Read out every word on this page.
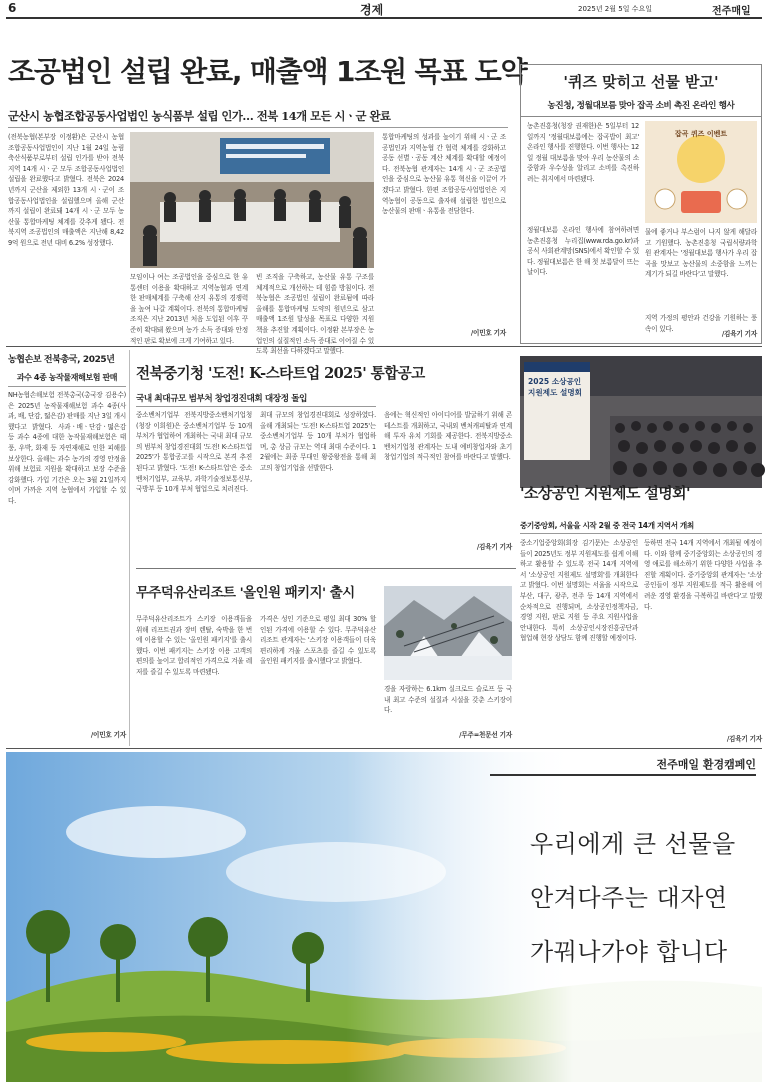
6	경제	2025년 2월 5일 수요일	전주매일
조공법인 설립 완료, 매출액 1조원 목표 도약
군산시 농협조합공동사업법인 농식품부 설립 인가… 전북 14개 모든 시ㆍ군 완료
(전북농협(본부장 이정환)은 군산시 농협조합공동사업법인이 지난 1월 24일 농림축산식품부로부터 설립 인가를 받아 전북지역 14개 시ㆍ군 모두 조합공동사업법인 설립을 완료했다고 밝혔다. 전북은 2024년까지 군산을 제외한 13개 시ㆍ군이 조합공동사업법인을 설립했으며 올해 군산까지 설립이 완료돼 14개 시ㆍ군 모두 농산물 통합마케팅 체계를 갖추게 됐다. 전북지역 조공법인의 매출액은 지난해 8,429억 원으로 전년 대비 6.2% 성장했다.
모임이나 여는 조공법인을 중심으로 한 유통센터 이용을 확대하고 지역농협과 연계한 판매체계를 구축해 산지 유통의 경쟁력을 높여 나갈 계획이다. 전북의 통합마케팅 조직은 지난 2013년 처음 도입된 이후 꾸준히 확대돼 왔으며 농가 소득 증대와 안정적인 판로 확보에 크게 기여하고 있다.
빈 조직을 구축하고, 농산물 유통 구조를 체계적으로 개선하는 데 힘쓸 방침이다. 전북농협은 조공법인 설립이 완료됨에 따라 올해를 통합마케팅 도약의 원년으로 삼고 매출액 1조원 달성을 목표로 다양한 지원책을 추진할 계획이다. 이정환 본부장은 농업인의 실질적인 소득 증대로 이어질 수 있도록 최선을 다하겠다고 말했다.
통합마케팅의 성과를 높이기 위해 시ㆍ군 조공법인과 지역농협 간 협력 체계를 강화하고 공동 선별ㆍ공동 계산 체계를 확대할 예정이다. 전북농협 관계자는 14개 시ㆍ군 조공법인을 중심으로 농산물 유통 혁신을 이끌어 가겠다고 밝혔다. 한편 조합공동사업법인은 지역농협이 공동으로 출자해 설립한 법인으로 농산물의 판매ㆍ유통을 전담한다.
/이민호 기자
'퀴즈 맞히고 선물 받고'
농진청, 정월대보름 맞아 잡곡 소비 촉진 온라인 행사
농촌진흥청(청장 권재한)은 5일부터 12일까지 '정월대보름에는 잡곡밥이 최고' 온라인 행사를 진행한다. 이번 행사는 12일 정월 대보름을 맞아 우리 농산물의 소중함과 우수성을 알리고 소비를 촉진하려는 취지에서 마련됐다.
잡곡 퀴즈 이벤트
정월대보름 온라인 행사에 참여하려면 농촌진흥청 누리집(www.rda.go.kr)과 공식 사회관계망(SNS)에서 확인할 수 있다. 정월대보름은 한 해 첫 보름달이 뜨는 날이다.
물에 좋거나 부스럼이 나지 않게 해달라고 기원했다. 농촌진흥청 국립식량과학원 관계자는 '정월대보름 행사가 우리 잡곡을 맛보고 농산물의 소중함을 느끼는 계기가 되길 바란다'고 말했다.
지역 가정의 평안과 건강을 기원하는 풍속이 있다.
/김육기 기자
농협손보 전북총국, 2025년
과수 4종 농작물재해보험 판매
NH농협손해보험 전북총국(총국장 김용수)은 2025년 농작물재해보험 과수 4종(사과, 배, 단감, 떫은감) 판매를 지난 3일 개시했다고 밝혔다. 사과ㆍ배ㆍ단감ㆍ떫은감 등 과수 4종에 대한 농작물재해보험은 태풍, 우박, 화재 등 자연재해로 인한 피해를 보상한다. 올해는 과수 농가의 경영 안정을 위해 보험료 지원을 확대하고 보장 수준을 강화했다. 가입 기간은 오는 3월 21일까지이며 가까운 지역 농협에서 가입할 수 있다.
/이민호 기자
전북중기청 '도전! K-스타트업 2025' 통합공고
국내 최대규모 범부처 창업경진대회 대장정 돌입
중소벤처기업부 전북지방중소벤처기업청(청장 이희원)은 중소벤처기업부 등 10개 부처가 협업하여 개최하는 국내 최대 규모의 범부처 창업경진대회 '도전! K-스타트업 2025'가 통합공고를 시작으로 본격 추진된다고 밝혔다. '도전! K-스타트업'은 중소벤처기업부, 교육부, 과학기술정보통신부, 국방부 등 10개 부처 협업으로 치러진다.
최대 규모의 창업경진대회로 성장하였다. 올해 개최되는 '도전! K-스타트업 2025'는 중소벤처기업부 등 10개 부처가 협업하며, 총 상금 규모는 역대 최대 수준이다. 12월에는 최종 무대인 왕중왕전을 통해 최고의 창업기업을 선발한다.
음에는 혁신적인 아이디어를 발굴하기 위해 콘테스트를 개최하고, 국내외 벤처캐피탈과 연계해 투자 유치 기회를 제공한다. 전북지방중소벤처기업청 관계자는 도내 예비창업자와 초기 창업기업의 적극적인 참여를 바란다고 말했다.
/김육기 기자
무주덕유산리조트 '올인원 패키지' 출시
무주덕유산리조트가 스키장 이용객들을 위해 리프트권과 장비 렌탈, 숙박을 한 번에 이용할 수 있는 '올인원 패키지'를 출시했다. 이번 패키지는 스키장 이용 고객의 편의를 높이고 합리적인 가격으로 겨울 레저를 즐길 수 있도록 마련됐다.
가격은 성인 기준으로 평일 최대 30% 할인된 가격에 이용할 수 있다. 무주덕유산리조트 관계자는 '스키장 이용객들이 더욱 편리하게 겨울 스포츠를 즐길 수 있도록 올인원 패키지를 출시했다'고 밝혔다.
경을 자랑하는 6.1km 실크로드 슬로프 등 국내 최고 수준의 설질과 시설을 갖춘 스키장이다.
/무주=천문선 기자
2025 소상공인 지원제도 설명회
'소상공인 지원제도 설명회'
중기중앙회, 서울을 시작 2월 중 전국 14개 지역서 개최
중소기업중앙회(회장 김기문)는 소상공인들이 2025년도 정부 지원제도를 쉽게 이해하고 활용할 수 있도록 전국 14개 지역에서 '소상공인 지원제도 설명회'를 개최한다고 밝혔다. 이번 설명회는 서울을 시작으로 부산, 대구, 광주, 전주 등 14개 지역에서 순차적으로 진행되며, 소상공인정책자금, 경영 지원, 판로 지원 등 주요 지원사업을 안내한다. 특히 소상공인시장진흥공단과 협업해 현장 상담도 함께 진행할 예정이다.
등하면 전국 14개 지역에서 개최될 예정이다. 이와 함께 중기중앙회는 소상공인의 경영 애로를 해소하기 위한 다양한 사업을 추진할 계획이다. 중기중앙회 관계자는 '소상공인들이 정부 지원제도를 적극 활용해 어려운 경영 환경을 극복하길 바란다'고 말했다.
/김육기 기자
전주매일 환경캠페인
우리에게 큰 선물을
안겨다주는 대자연
가꿔나가야 합니다
